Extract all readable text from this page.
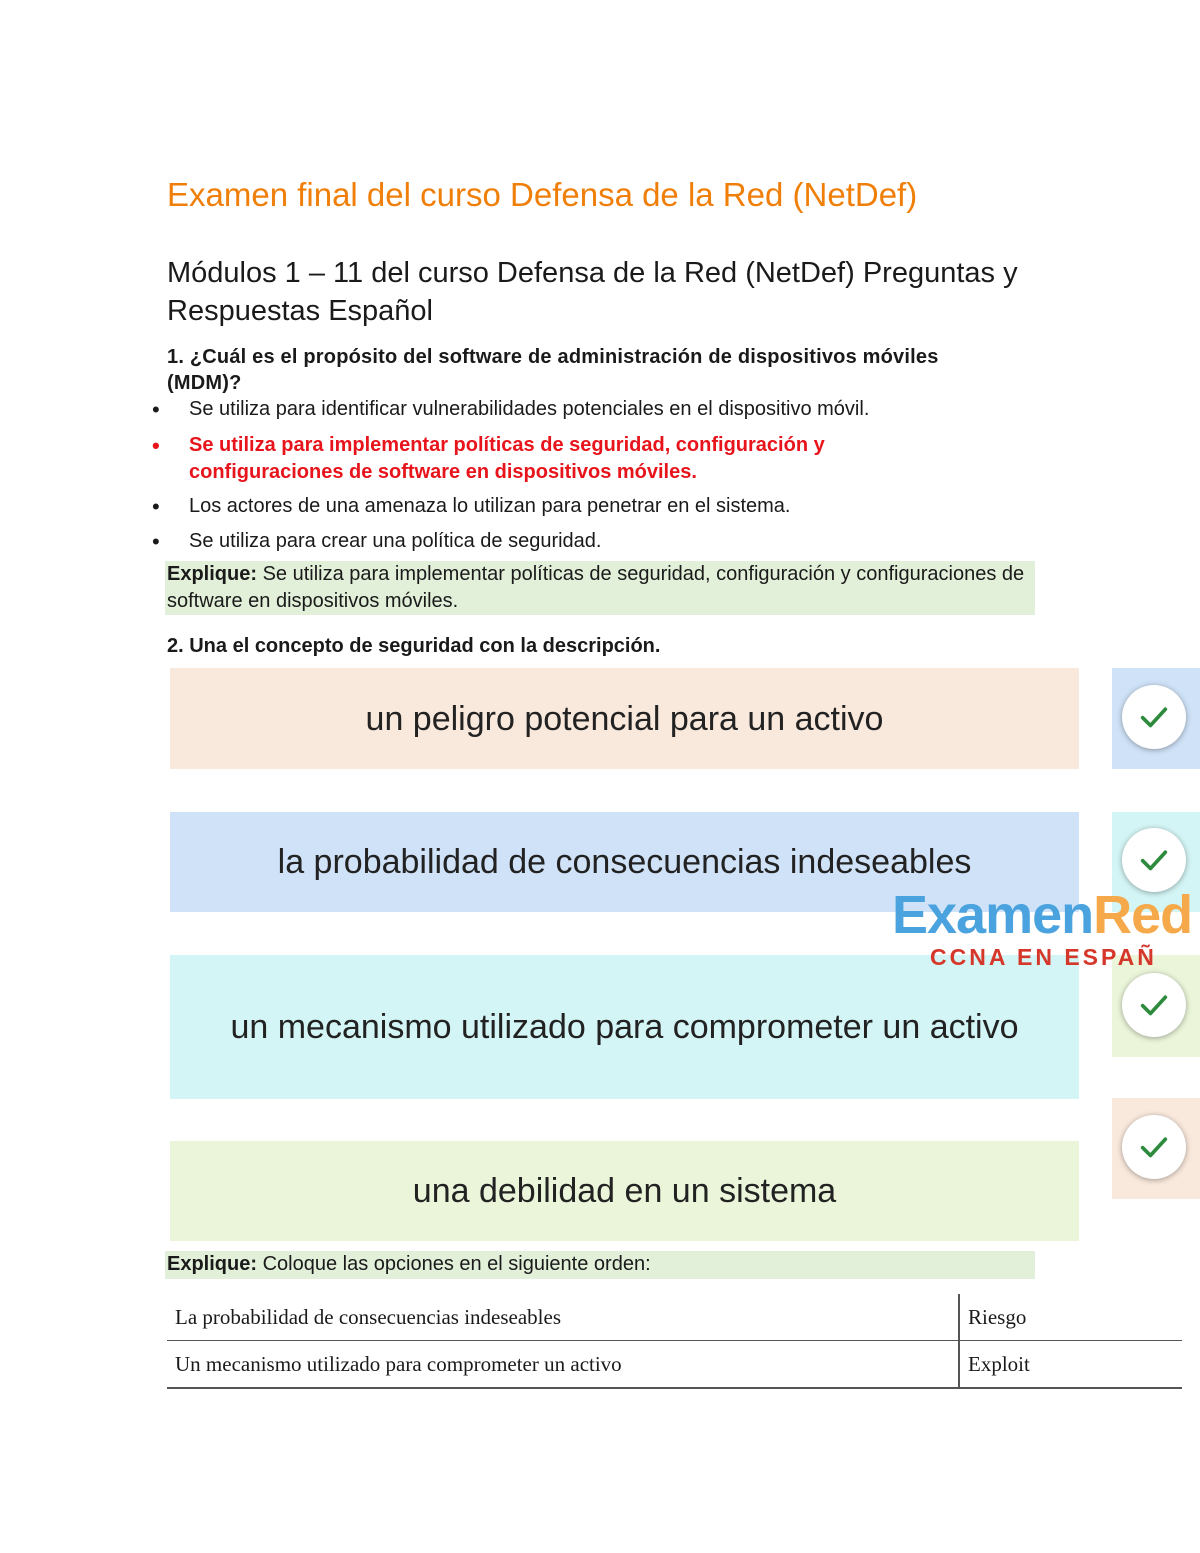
Examen final del curso Defensa de la Red (NetDef)
Módulos 1 – 11 del curso Defensa de la Red (NetDef) Preguntas y Respuestas Español
1. ¿Cuál es el propósito del software de administración de dispositivos móviles (MDM)?
•	Se utiliza para identificar vulnerabilidades potenciales en el dispositivo móvil.
•	Se utiliza para implementar políticas de seguridad, configuración y configuraciones de software en dispositivos móviles.
•	Los actores de una amenaza lo utilizan para penetrar en el sistema.
•	Se utiliza para crear una política de seguridad.
Explique: Se utiliza para implementar políticas de seguridad, configuración y configuraciones de software en dispositivos móviles.
2. Una el concepto de seguridad con la descripción.
un peligro potencial para un activo
la probabilidad de consecuencias indeseables
un mecanismo utilizado para comprometer un activo
una debilidad en un sistema
ExamenRed
CCNA EN ESPAÑ
Explique: Coloque las opciones en el siguiente orden:
La probabilidad de consecuencias indeseables	Riesgo
Un mecanismo utilizado para comprometer un activo	Exploit
